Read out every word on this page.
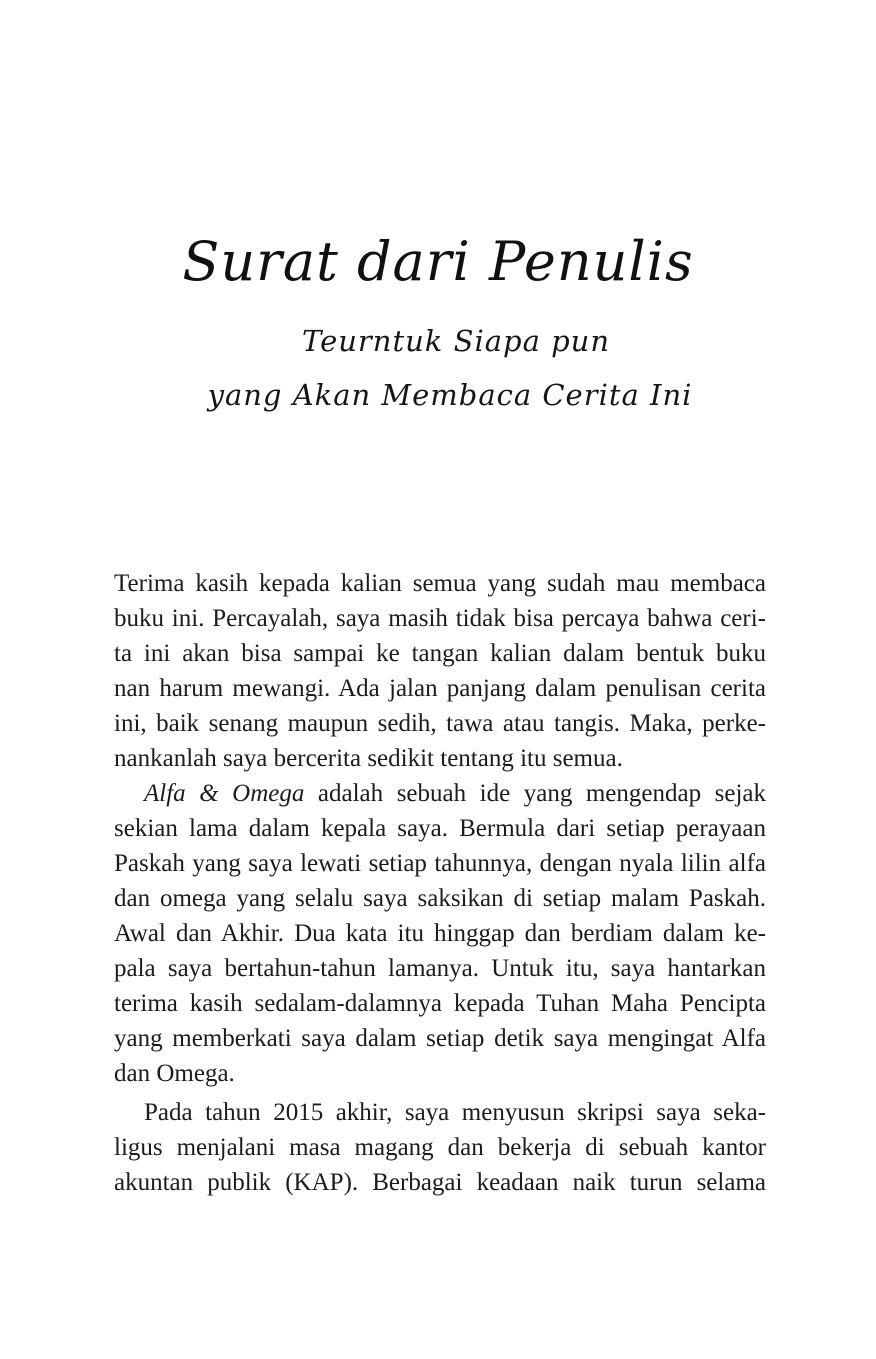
Surat dari Penulis
Teurntuk Siapa pun
yang Akan Membaca Cerita Ini
Terima kasih kepada kalian semua yang sudah mau membaca
buku ini. Percayalah, saya masih tidak bisa percaya bahwa ceri-
ta ini akan bisa sampai ke tangan kalian dalam bentuk buku
nan harum mewangi. Ada jalan panjang dalam penulisan cerita
ini, baik senang maupun sedih, tawa atau tangis. Maka, perke-
nankanlah saya bercerita sedikit tentang itu semua.
Alfa & Omega adalah sebuah ide yang mengendap sejak
sekian lama dalam kepala saya. Bermula dari setiap perayaan
Paskah yang saya lewati setiap tahunnya, dengan nyala lilin alfa
dan omega yang selalu saya saksikan di setiap malam Paskah.
Awal dan Akhir. Dua kata itu hinggap dan berdiam dalam ke-
pala saya bertahun-tahun lamanya. Untuk itu, saya hantarkan
terima kasih sedalam-dalamnya kepada Tuhan Maha Pencipta
yang memberkati saya dalam setiap detik saya mengingat Alfa
dan Omega.
Pada tahun 2015 akhir, saya menyusun skripsi saya seka-
ligus menjalani masa magang dan bekerja di sebuah kantor
akuntan publik (KAP). Berbagai keadaan naik turun selama
